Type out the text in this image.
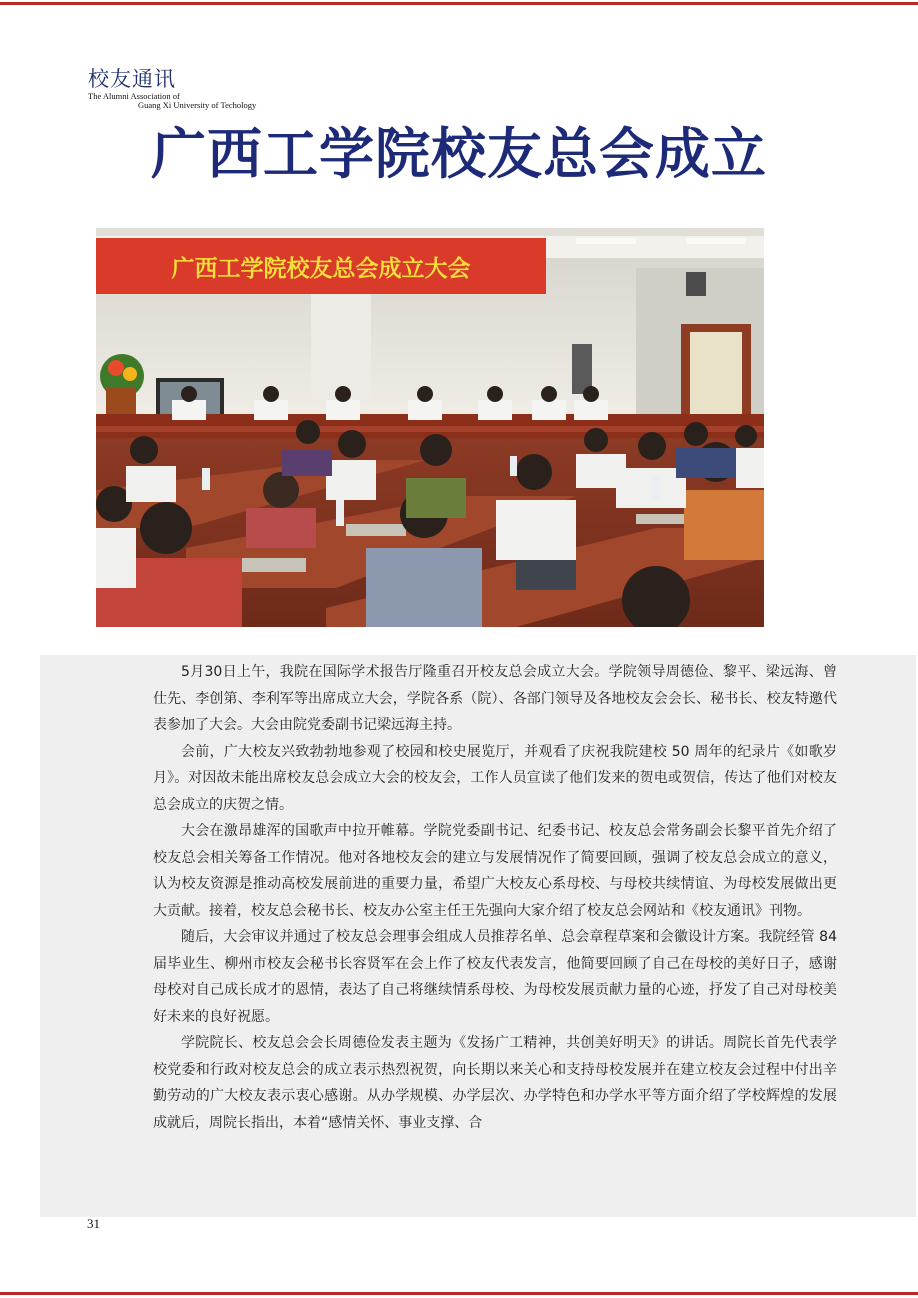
校友通讯
The Alumni Association of
Guang Xi University of Techology
广西工学院校友总会成立
广西工学院校友总会成立大会

5月30日上午，我院在国际学术报告厅隆重召开校友总会成立大会。学院领导周德俭、黎平、梁远海、曾仕先、李创第、李利军等出席成立大会，学院各系（院）、各部门领导及各地校友会会长、秘书长、校友特邀代表参加了大会。大会由院党委副书记梁远海主持。

会前，广大校友兴致勃勃地参观了校园和校史展览厅，并观看了庆祝我院建校 50 周年的纪录片《如歌岁月》。对因故未能出席校友总会成立大会的校友会，工作人员宣读了他们发来的贺电或贺信，传达了他们对校友总会成立的庆贺之情。

大会在激昂雄浑的国歌声中拉开帷幕。学院党委副书记、纪委书记、校友总会常务副会长黎平首先介绍了校友总会相关筹备工作情况。他对各地校友会的建立与发展情况作了简要回顾，强调了校友总会成立的意义，认为校友资源是推动高校发展前进的重要力量，希望广大校友心系母校、与母校共续情谊、为母校发展做出更大贡献。接着，校友总会秘书长、校友办公室主任王先强向大家介绍了校友总会网站和《校友通讯》刊物。

随后，大会审议并通过了校友总会理事会组成人员推荐名单、总会章程草案和会徽设计方案。我院经管 84 届毕业生、柳州市校友会秘书长容贤军在会上作了校友代表发言，他简要回顾了自己在母校的美好日子，感谢母校对自己成长成才的恩情，表达了自己将继续情系母校、为母校发展贡献力量的心迹，抒发了自己对母校美好未来的良好祝愿。

学院院长、校友总会会长周德俭发表主题为《发扬广工精神，共创美好明天》的讲话。周院长首先代表学校党委和行政对校友总会的成立表示热烈祝贺，向长期以来关心和支持母校发展并在建立校友会过程中付出辛勤劳动的广大校友表示衷心感谢。从办学规模、办学层次、办学特色和办学水平等方面介绍了学校辉煌的发展成就后，周院长指出，本着“感情关怀、事业支撑、合

31
